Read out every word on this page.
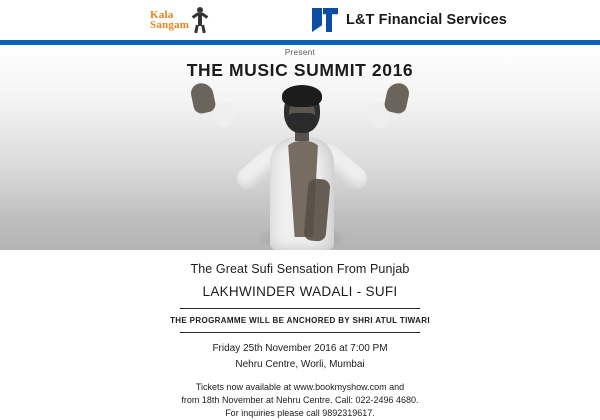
Kala
Sangam	L&T Financial Services
Present
THE MUSIC SUMMIT 2016
The Great Sufi Sensation From Punjab
LAKHWINDER WADALI - SUFI
THE PROGRAMME WILL BE ANCHORED BY SHRI ATUL TIWARI
Friday 25th November 2016 at 7:00 PM
Nehru Centre, Worli, Mumbai
Tickets now available at www.bookmyshow.com and
from 18th November at Nehru Centre. Call: 022-2496 4680.
For inquiries please call 9892319617.
